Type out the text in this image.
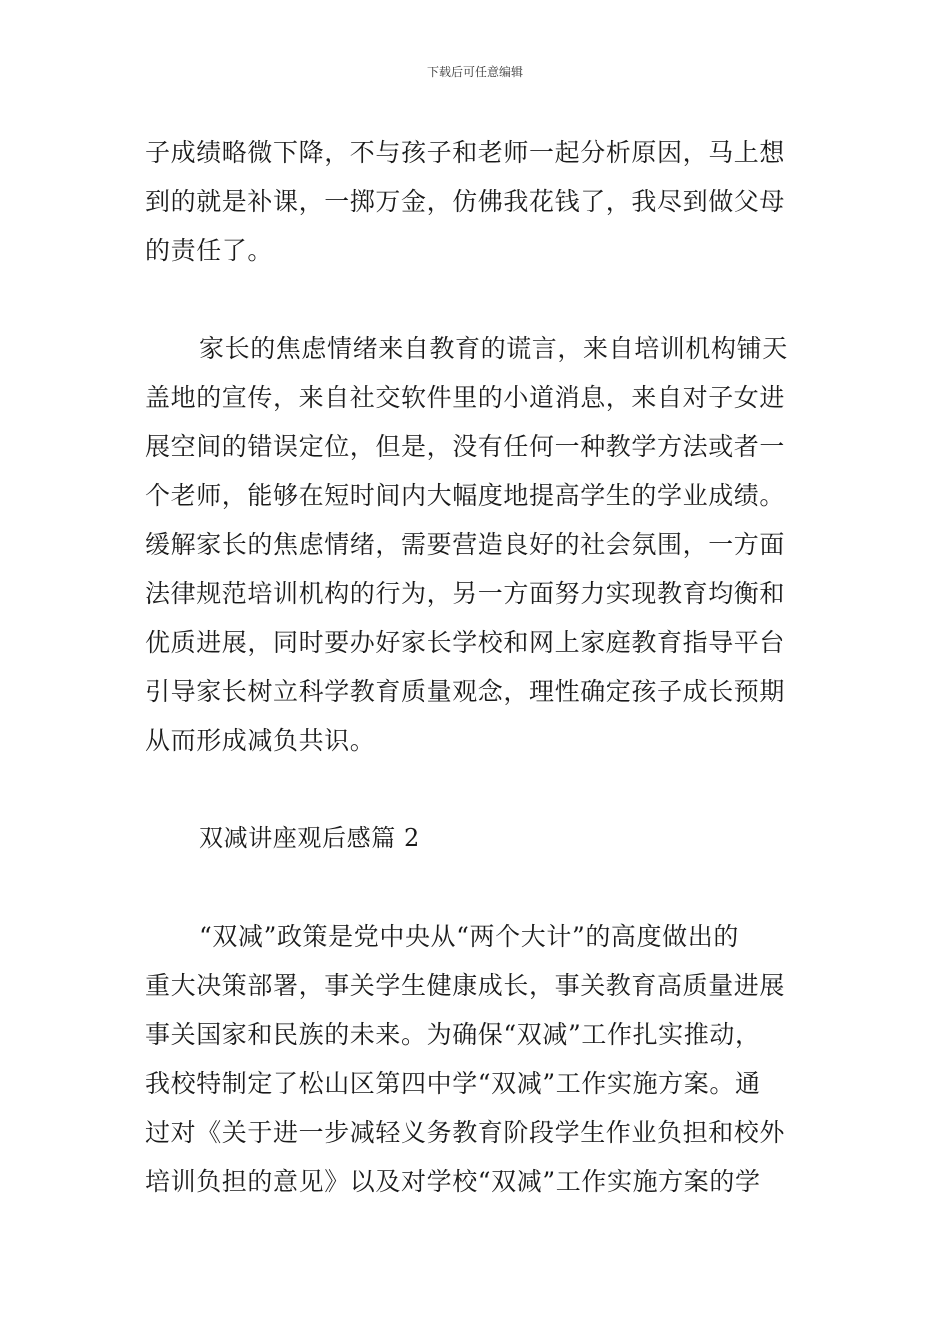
下载后可任意编辑
子成绩略微下降，不与孩子和老师一起分析原因，马上想
到的就是补课，一掷万金，仿佛我花钱了，我尽到做父母
的责任了。
家长的焦虑情绪来自教育的谎言，来自培训机构铺天
盖地的宣传，来自社交软件里的小道消息，来自对子女进
展空间的错误定位，但是，没有任何一种教学方法或者一
个老师，能够在短时间内大幅度地提高学生的学业成绩。
缓解家长的焦虑情绪，需要营造良好的社会氛围，一方面
法律规范培训机构的行为，另一方面努力实现教育均衡和
优质进展，同时要办好家长学校和网上家庭教育指导平台
引导家长树立科学教育质量观念，理性确定孩子成长预期
从而形成减负共识。
双减讲座观后感篇 2
“双减”政策是党中央从“两个大计”的高度做出的
重大决策部署，事关学生健康成长，事关教育高质量进展
事关国家和民族的未来。为确保“双减”工作扎实推动，
我校特制定了松山区第四中学“双减”工作实施方案。通
过对《关于进一步减轻义务教育阶段学生作业负担和校外
培训负担的意见》以及对学校“双减”工作实施方案的学
